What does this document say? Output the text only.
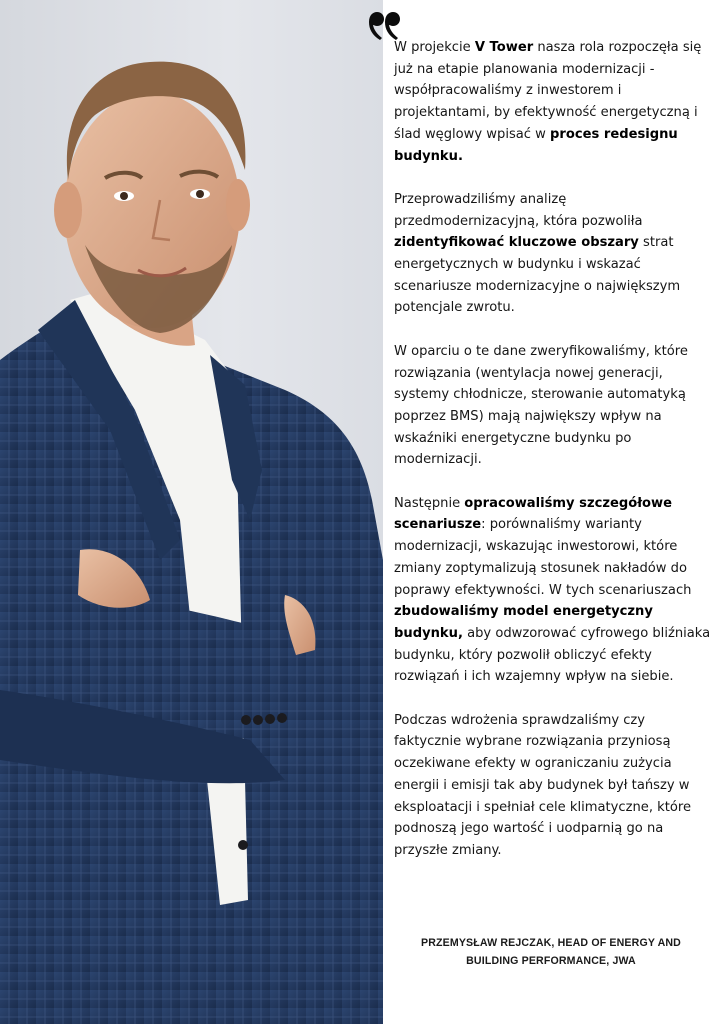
W projekcie V Tower nasza rola rozpoczęła się już na etapie planowania modernizacji - współpracowaliśmy z inwestorem i projektantami, by efektywność energetyczną i ślad węglowy wpisać w proces redesignu budynku.

Przeprowadziliśmy analizę przedmodernizacyjną, która pozwoliła zidentyfikować kluczowe obszary strat energetycznych w budynku i wskazać scenariusze modernizacyjne o największym potencjale zwrotu.

W oparciu o te dane zweryfikowaliśmy, które rozwiązania (wentylacja nowej generacji, systemy chłodnicze, sterowanie automatyką poprzez BMS) mają największy wpływ na wskaźniki energetyczne budynku po modernizacji.

Następnie opracowaliśmy szczegółowe scenariusze: porównaliśmy warianty modernizacji, wskazując inwestorowi, które zmiany zoptymalizują stosunek nakładów do poprawy efektywności. W tych scenariuszach zbudowaliśmy model energetyczny budynku, aby odwzorować cyfrowego bliźniaka budynku, który pozwolił obliczyć efekty rozwiązań i ich wzajemny wpływ na siebie.

Podczas wdrożenia sprawdzaliśmy czy faktycznie wybrane rozwiązania przyniosą oczekiwane efekty w ograniczaniu zużycia energii i emisji tak aby budynek był tańszy w eksploatacji i spełniał cele klimatyczne, które podnoszą jego wartość i uodparnią go na przyszłe zmiany.

PRZEMYSŁAW REJCZAK, HEAD OF ENERGY AND
BUILDING PERFORMANCE, JWA
